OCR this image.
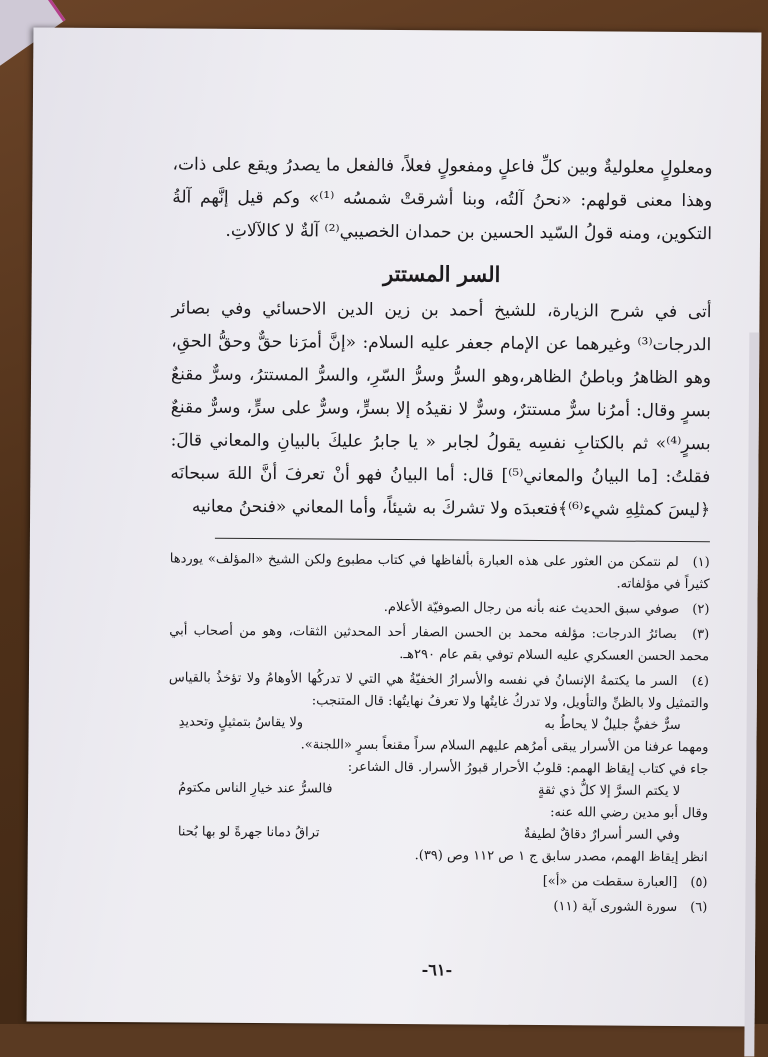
ومعلولٍ معلوليةٌ وبين كلِّ فاعلٍ ومفعولٍ فعلاً، فالفعل ما يصدرُ ويقع على ذات، وهذا معنى قولهم: «نحنُ آلتُه، وبنا أشرقتْ شمسُه ⁽¹⁾» وكم قيل إنَّهم آلةُ التكوين، ومنه قولُ السّيد الحسين بن حمدان الخصيبي⁽²⁾ آلةٌ لا كالآلاتِ.

السر المستتر

أتى في شرح الزيارة، للشيخ أحمد بن زين الدين الاحسائي وفي بصائر الدرجات⁽³⁾ وغيرهما عن الإمام جعفر عليه السلام: «إنَّ أمرَنا حقٌّ وحقُّ الحقِ، وهو الظاهرُ وباطنُ الظاهر،وهو السرُّ وسرُّ السّرِ، والسرُّ المستترُ، وسرٌّ مقنعٌ بسرٍ وقال: أمرُنا سرٌّ مستترٌ، وسرٌّ لا نقيدُه إلا بسرٍّ، وسرٌّ على سرٍّ، وسرٌّ مقنعٌ بسرٍ⁽⁴⁾» ثم بالكتابِ نفسِه يقولُ لجابر « يا جابرُ عليكَ بالبيانِ والمعاني قالَ: فقلتُ: [ما البيانُ والمعاني⁽⁵⁾] قال: أما البيانُ فهو أنْ تعرفَ أنَّ اللهَ سبحانَه ﴿ليسَ كمثلِهِ شيء⁽⁶⁾﴾فتعبدَه ولا تشركَ به شيئاً، وأما المعاني «فنحنُ معانيه

(١) لم نتمكن من العثور على هذه العبارة بألفاظها في كتاب مطبوع ولكن الشيخ «المؤلف» يوردها كثيراً في مؤلفاته.

(٢) صوفي سبق الحديث عنه بأنه من رجال الصوفيّة الأعلام.

(٣) بصائرُ الدرجات: مؤلفه محمد بن الحسن الصفار أحد المحدثين الثقات، وهو من أصحاب أبي محمد الحسن العسكري عليه السلام توفي بقم عام ٢٩٠هـ.

(٤) السر ما يكتمهُ الإنسانُ في نفسه والأسرارُ الخفيّةُ هي التي لا تدركُها الأوهامُ ولا تؤخذُ بالقياس والتمثيل ولا بالظنِّ والتأويل، ولا تدركُ غايتُها ولا تعرفُ نهايتُها: قال المتنجب:
سرٌّ خفيٌّ جليلٌ لا يحاطُ به
ولا يقاسُ بتمثيلٍ وتحديدِ
ومهما عرفنا من الأسرار يبقى أمرُهم عليهم السلام سراً مقنعاً بسرٍ «اللجنة».
جاء في كتاب إيقاظ الهمم: قلوبُ الأحرار قبورُ الأسرار. قال الشاعر:
لا يكتم السرَّ إلا كلُّ ذي ثقةٍ
فالسرُّ عند خيارِ الناس مكتومُ
وقال أبو مدين رضي الله عنه:
وفي السر أسرارٌ دقاقٌ لطيفةٌ
تراقُ دمانا جهرةً لو بها بُحنا
انظر إيقاظ الهمم، مصدر سابق ج ١ ص ١١٢ وص (٣٩).

(٥) [العبارة سقطت من «أ»]

(٦) سورة الشورى آية (١١)

-٦١-
